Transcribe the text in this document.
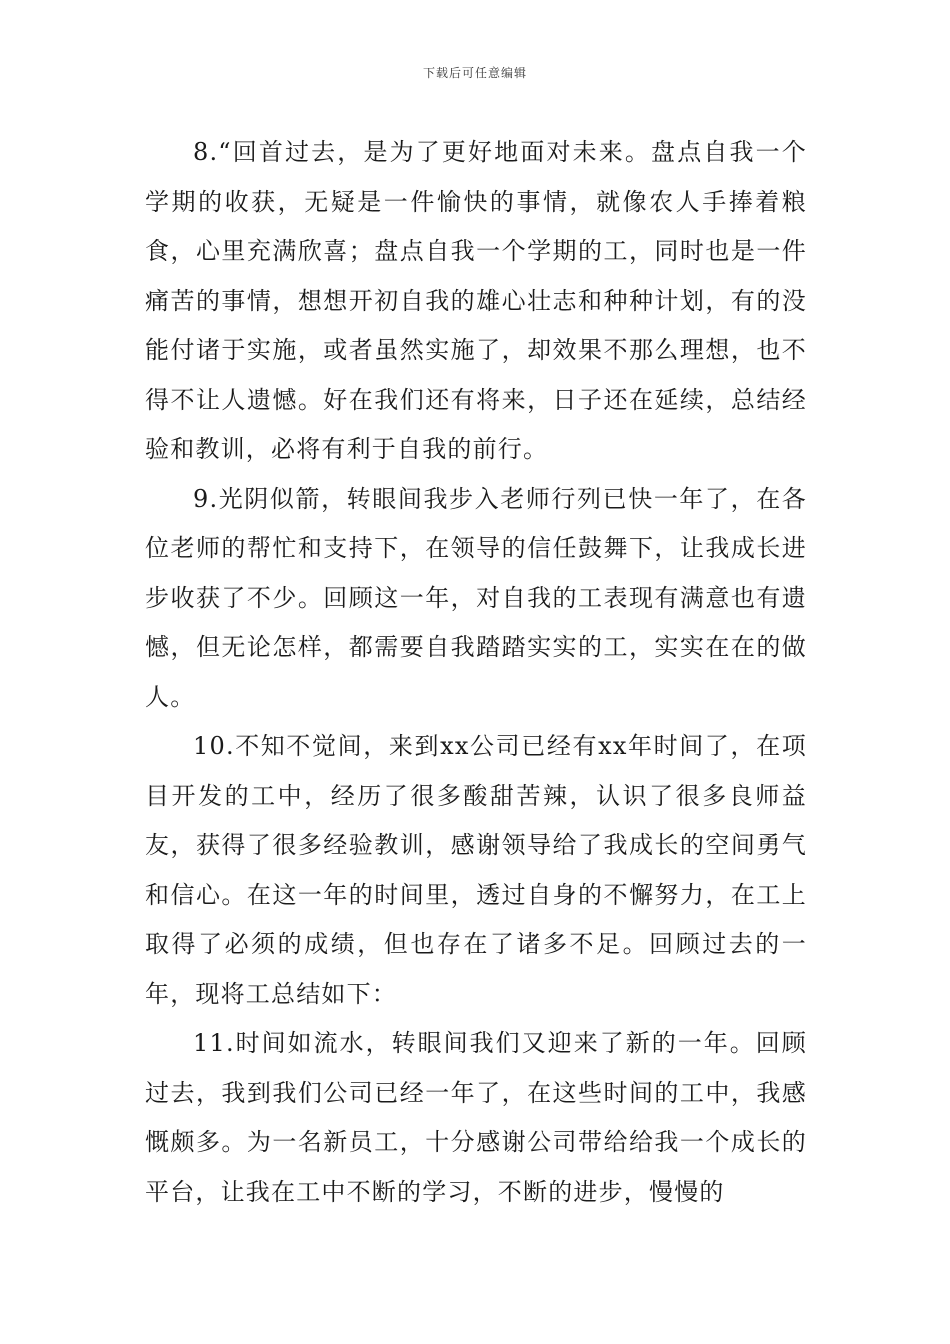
下载后可任意编辑

8.“回首过去，是为了更好地面对未来。盘点自我一个学期的收获，无疑是一件愉快的事情，就像农人手捧着粮食，心里充满欣喜；盘点自我一个学期的工，同时也是一件痛苦的事情，想想开初自我的雄心壮志和种种计划，有的没能付诸于实施，或者虽然实施了，却效果不那么理想，也不得不让人遗憾。好在我们还有将来，日子还在延续，总结经验和教训，必将有利于自我的前行。

9.光阴似箭，转眼间我步入老师行列已快一年了，在各位老师的帮忙和支持下，在领导的信任鼓舞下，让我成长进步收获了不少。回顾这一年，对自我的工表现有满意也有遗憾，但无论怎样，都需要自我踏踏实实的工，实实在在的做人。

10.不知不觉间，来到xx公司已经有xx年时间了，在项目开发的工中，经历了很多酸甜苦辣，认识了很多良师益友，获得了很多经验教训，感谢领导给了我成长的空间勇气和信心。在这一年的时间里，透过自身的不懈努力，在工上取得了必须的成绩，但也存在了诸多不足。回顾过去的一年，现将工总结如下：

11.时间如流水，转眼间我们又迎来了新的一年。回顾过去，我到我们公司已经一年了，在这些时间的工中，我感慨颇多。为一名新员工，十分感谢公司带给给我一个成长的平台，让我在工中不断的学习，不断的进步，慢慢的
